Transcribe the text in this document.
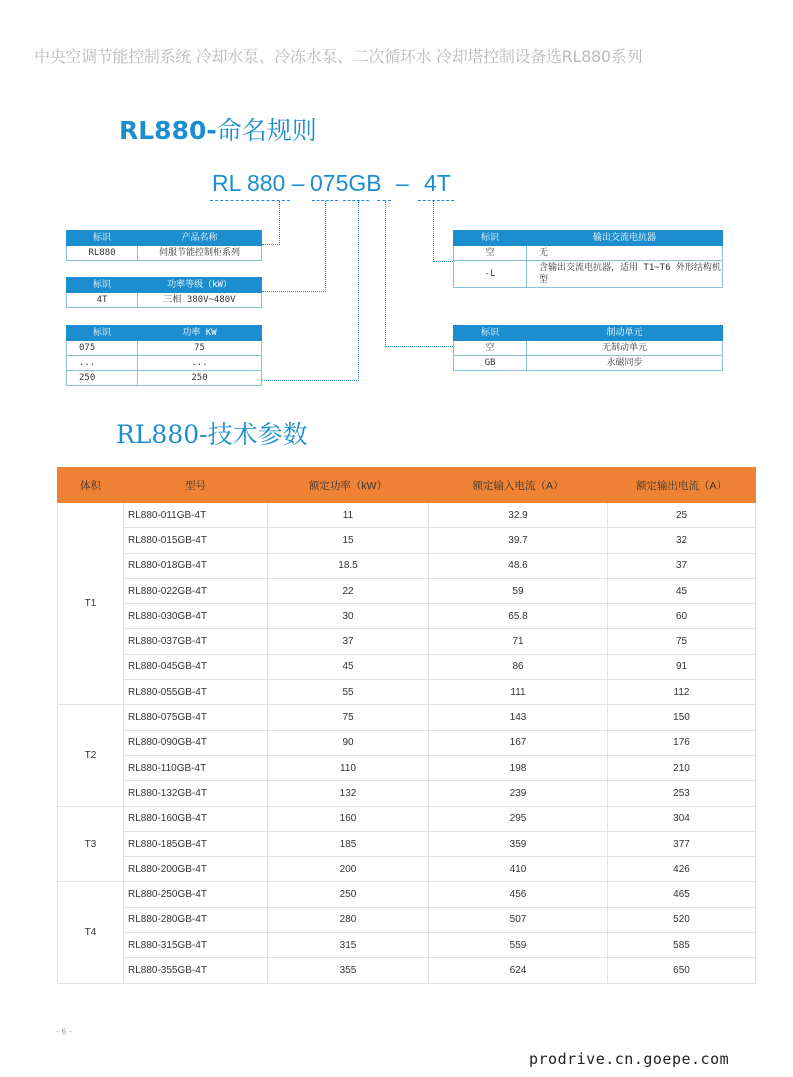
中央空调节能控制系统 冷却水泵、冷冻水泵、二次循环水 冷却塔控制设备选RL880系列
RL880-命名规则
RL 880 – 075GB – 4T
标识	产品名称
RL880	伺服节能控制柜系列
标识	功率等级（kW）
4T	三相 380V~480V
标识	功率 KW
075	75
...	...
250	250
标识	输出交流电抗器
空	无
-L	含输出交流电抗器，适用 T1~T6 外形结构机型
标识	制动单元
空	无制动单元
GB	永磁同步
RL880-技术参数
体积	型号	额定功率（kW）	额定输入电流（A）	额定输出电流（A）
T1	RL880-011GB-4T	11	32.9	25
	RL880-015GB-4T	15	39.7	32
	RL880-018GB-4T	18.5	48.6	37
	RL880-022GB-4T	22	59	45
	RL880-030GB-4T	30	65.8	60
	RL880-037GB-4T	37	71	75
	RL880-045GB-4T	45	86	91
	RL880-055GB-4T	55	111	112
T2	RL880-075GB-4T	75	143	150
	RL880-090GB-4T	90	167	176
	RL880-110GB-4T	110	198	210
	RL880-132GB-4T	132	239	253
T3	RL880-160GB-4T	160	295	304
	RL880-185GB-4T	185	359	377
	RL880-200GB-4T	200	410	426
T4	RL880-250GB-4T	250	456	465
	RL880-280GB-4T	280	507	520
	RL880-315GB-4T	315	559	585
	RL880-355GB-4T	355	624	650
- 6 -
prodrive.cn.goepe.com
